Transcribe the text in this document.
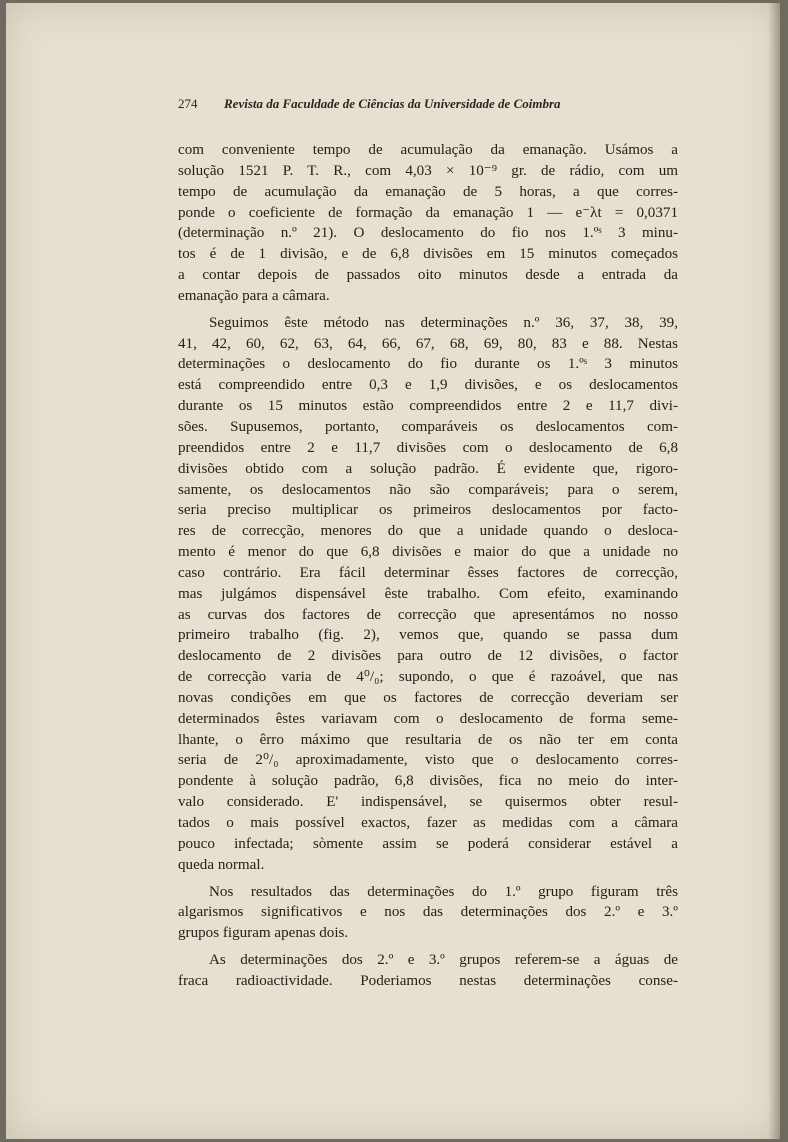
274 Revista da Faculdade de Ciências da Universidade de Coimbra
com conveniente tempo de acumulação da emanação. Usámos a
solução 1521 P. T. R., com 4,03 × 10⁻⁹ gr. de rádio, com um
tempo de acumulação da emanação de 5 horas, a que corres-
ponde o coeficiente de formação da emanação 1 — e⁻λt = 0,0371
(determinação n.º 21). O deslocamento do fio nos 1.ºˢ 3 minu-
tos é de 1 divisão, e de 6,8 divisões em 15 minutos começados
a contar depois de passados oito minutos desde a entrada da
emanação para a câmara.
Seguimos êste método nas determinações n.º 36, 37, 38, 39,
41, 42, 60, 62, 63, 64, 66, 67, 68, 69, 80, 83 e 88. Nestas
determinações o deslocamento do fio durante os 1.ºˢ 3 minutos
está compreendido entre 0,3 e 1,9 divisões, e os deslocamentos
durante os 15 minutos estão compreendidos entre 2 e 11,7 divi-
sões. Supusemos, portanto, comparáveis os deslocamentos com-
preendidos entre 2 e 11,7 divisões com o deslocamento de 6,8
divisões obtido com a solução padrão. É evidente que, rigoro-
samente, os deslocamentos não são comparáveis; para o serem,
seria preciso multiplicar os primeiros deslocamentos por facto-
res de correcção, menores do que a unidade quando o desloca-
mento é menor do que 6,8 divisões e maior do que a unidade no
caso contrário. Era fácil determinar êsses factores de correcção,
mas julgámos dispensável êste trabalho. Com efeito, examinando
as curvas dos factores de correcção que apresentámos no nosso
primeiro trabalho (fig. 2), vemos que, quando se passa dum
deslocamento de 2 divisões para outro de 12 divisões, o factor
de correcção varia de 4⁰/₀; supondo, o que é razoável, que nas
novas condições em que os factores de correcção deveriam ser
determinados êstes variavam com o deslocamento de forma seme-
lhante, o êrro máximo que resultaria de os não ter em conta
seria de 2⁰/₀ aproximadamente, visto que o deslocamento corres-
pondente à solução padrão, 6,8 divisões, fica no meio do inter-
valo considerado. E' indispensável, se quisermos obter resul-
tados o mais possível exactos, fazer as medidas com a câmara
pouco infectada; sòmente assim se poderá considerar estável a
queda normal.
Nos resultados das determinações do 1.º grupo figuram três
algarismos significativos e nos das determinações dos 2.º e 3.º
grupos figuram apenas dois.
As determinações dos 2.º e 3.º grupos referem-se a águas de
fraca radioactividade. Poderiamos nestas determinações conse-
